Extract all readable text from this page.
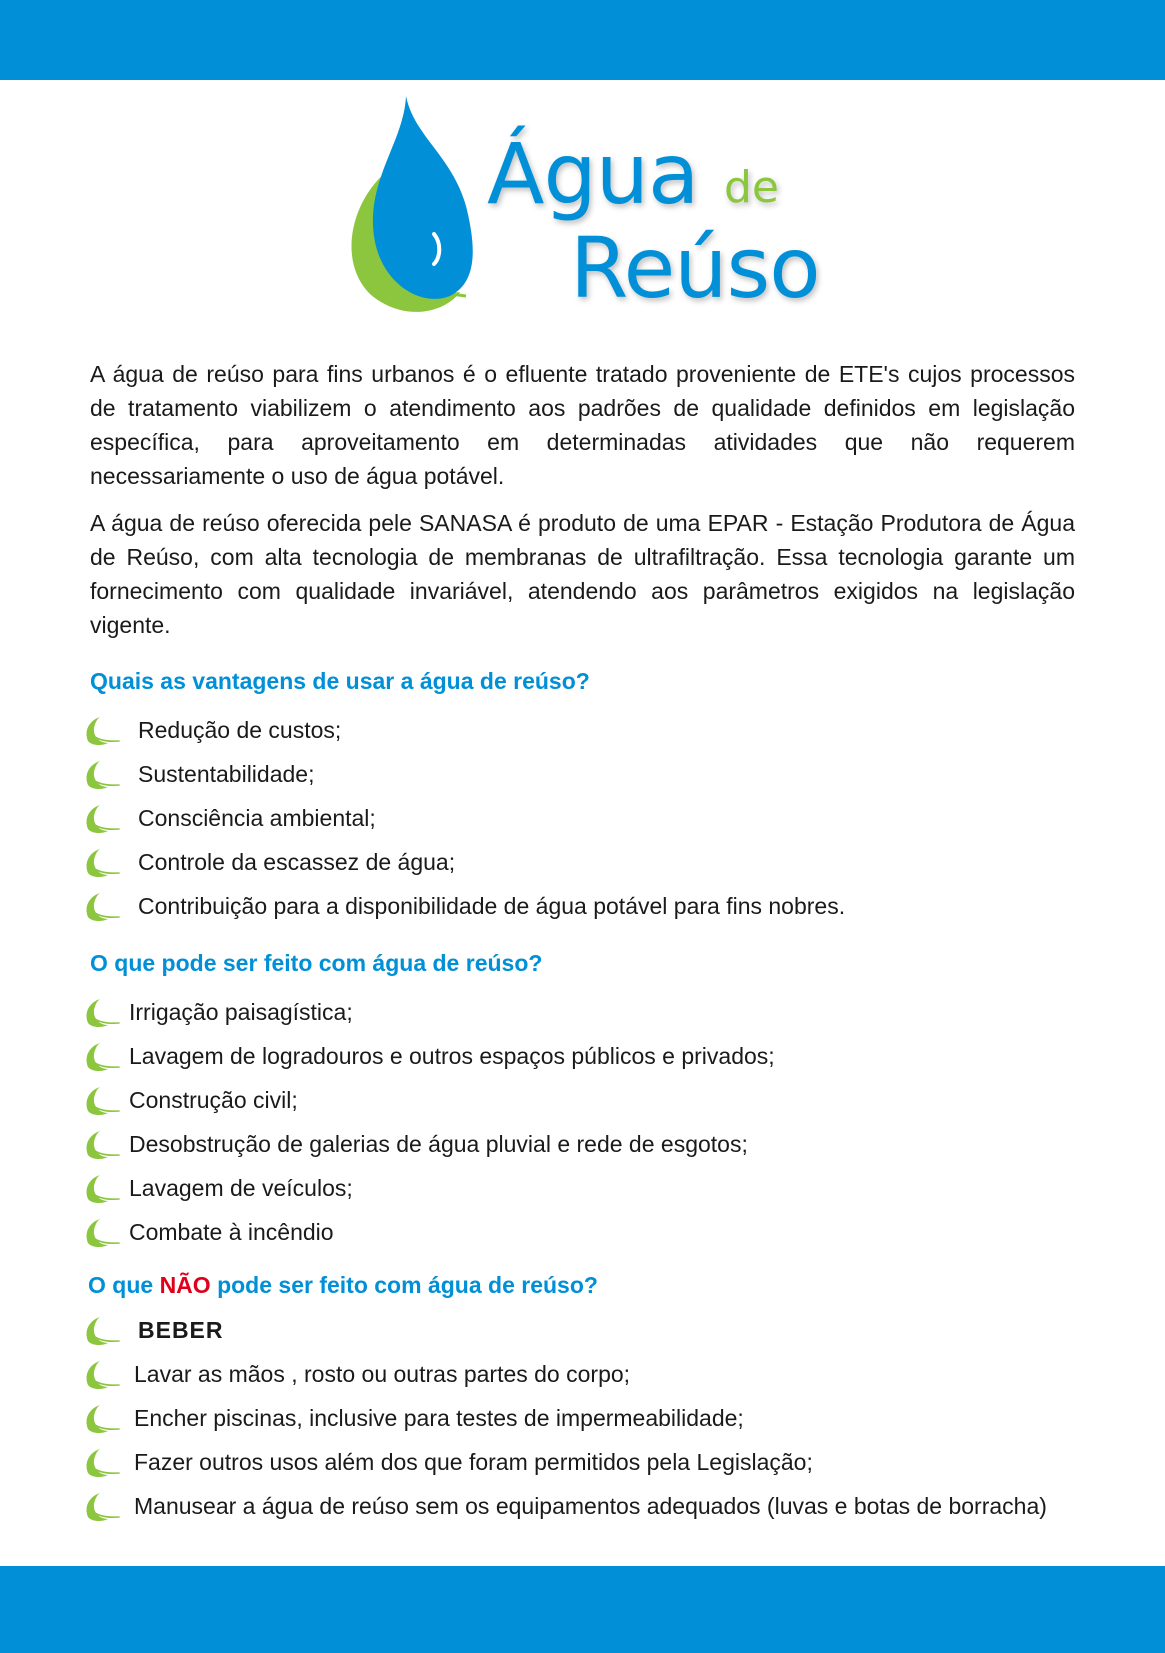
Água de
Reúso

A água de reúso para fins urbanos é o efluente tratado proveniente de ETE's cujos processos de tratamento viabilizem o atendimento aos padrões de qualidade definidos em legislação específica, para aproveitamento em determinadas atividades que não requerem necessariamente o uso de água potável.

A água de reúso oferecida pele SANASA é produto de uma EPAR - Estação Produtora de Água de Reúso, com alta tecnologia de membranas de ultrafiltração. Essa tecnologia garante um fornecimento com qualidade invariável, atendendo aos parâmetros exigidos na legislação vigente.

Quais as vantagens de usar a água de reúso?
Redução de custos;
Sustentabilidade;
Consciência ambiental;
Controle da escassez de água;
Contribuição para a disponibilidade de água potável para fins nobres.
O que pode ser feito com água de reúso?
Irrigação paisagística;
Lavagem de logradouros e outros espaços públicos e privados;
Construção civil;
Desobstrução de galerias de água pluvial e rede de esgotos;
Lavagem de veículos;
Combate à incêndio
O que NÃO pode ser feito com água de reúso?
BEBER
Lavar as mãos , rosto ou outras partes do corpo;
Encher piscinas, inclusive para testes de impermeabilidade;
Fazer outros usos além dos que foram permitidos pela Legislação;
Manusear a água de reúso sem os equipamentos adequados (luvas e botas de borracha)
